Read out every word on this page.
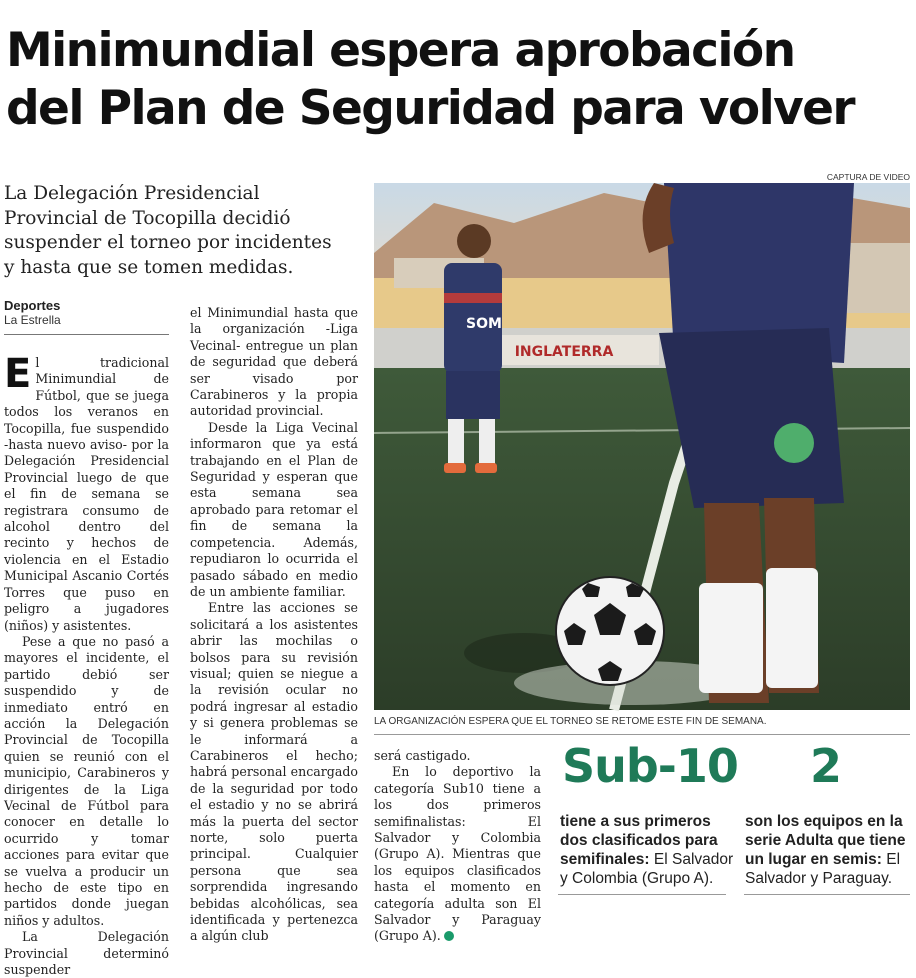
Minimundial espera aprobación
del Plan de Seguridad para volver
La Delegación Presidencial
Provincial de Tocopilla decidió
suspender el torneo por incidentes
y hasta que se tomen medidas.
Deportes
La Estrella

El tradicional Minimundial de Fútbol, que se juega todos los veranos en Tocopilla, fue suspendido -hasta nuevo aviso- por la Delegación Presidencial Provincial luego de que el fin de semana se registrara consumo de alcohol dentro del recinto y hechos de violencia en el Estadio Municipal Ascanio Cortés Torres que puso en peligro a jugadores (niños) y asistentes.

Pese a que no pasó a mayores el incidente, el partido debió ser suspendido y de inmediato entró en acción la Delegación Provincial de Tocopilla quien se reunió con el municipio, Carabineros y dirigentes de la Liga Vecinal de Fútbol para conocer en detalle lo ocurrido y tomar acciones para evitar que se vuelva a producir un hecho de este tipo en partidos donde juegan niños y adultos.

La Delegación Provincial determinó suspender

el Minimundial hasta que la organización -Liga Vecinal- entregue un plan de seguridad que deberá ser visado por Carabineros y la propia autoridad provincial.

Desde la Liga Vecinal informaron que ya está trabajando en el Plan de Seguridad y esperan que esta semana sea aprobado para retomar el fin de semana la competencia. Además, repudiaron lo ocurrida el pasado sábado en medio de un ambiente familiar.

Entre las acciones se solicitará a los asistentes abrir las mochilas o bolsos para su revisión visual; quien se niegue a la revisión ocular no podrá ingresar al estadio y si genera problemas se le informará a Carabineros el hecho; habrá personal encargado de la seguridad por todo el estadio y no se abrirá más la puerta del sector norte, solo puerta principal. Cualquier persona que sea sorprendida ingresando bebidas alcohólicas, sea identificada y pertenezca a algún club

será castigado.

En lo deportivo la categoría Sub10 tiene a los dos primeros semifinalistas: El Salvador y Colombia (Grupo A). Mientras que los equipos clasificados hasta el momento en categoría adulta son El Salvador y Paraguay (Grupo A).

CAPTURA DE VIDEO
INGLATERRA
SOM
LA ORGANIZACIÓN ESPERA QUE EL TORNEO SE RETOME ESTE FIN DE SEMANA.
Sub-10
tiene a sus primeros
dos clasificados para
semifinales: El Salvador
y Colombia (Grupo A).
2
son los equipos en la
serie Adulta que tiene
un lugar en semis: El
Salvador y Paraguay.
